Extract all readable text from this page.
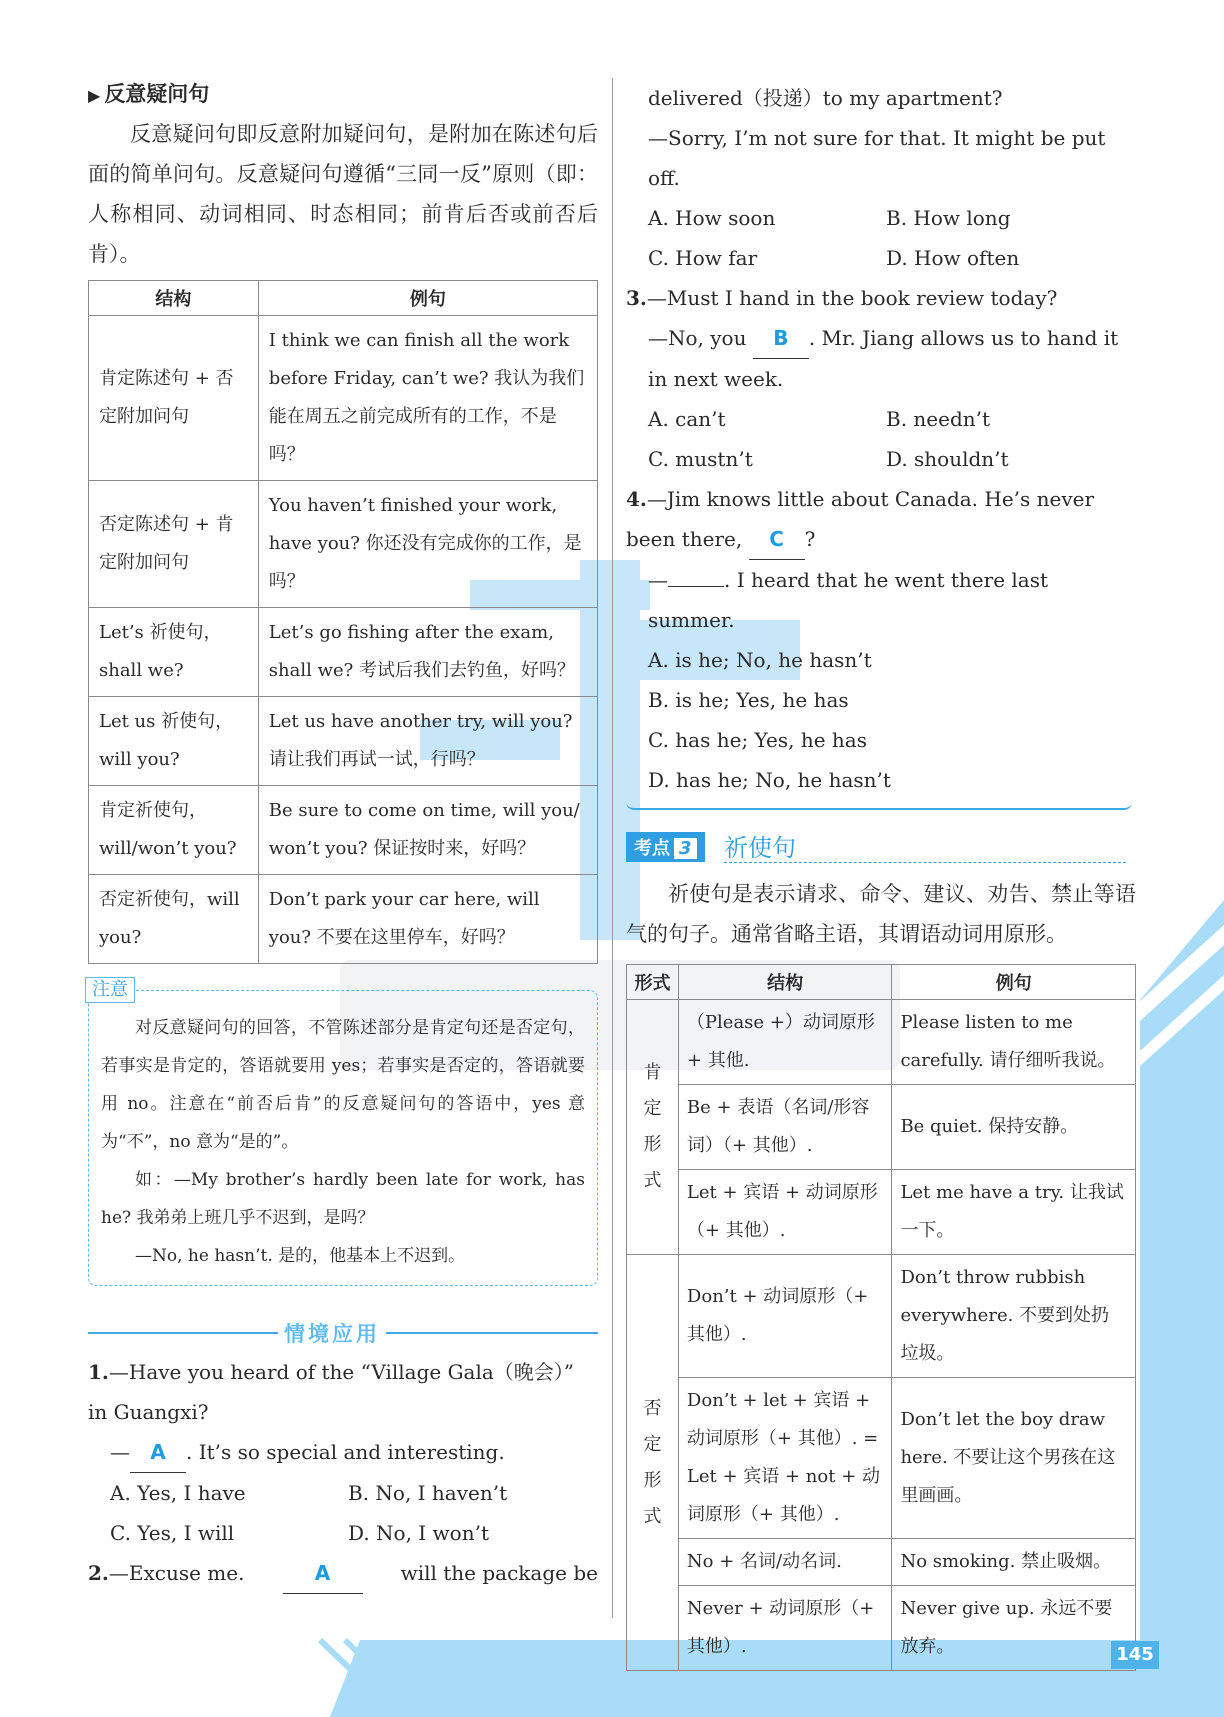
▶ 反意疑问句

反意疑问句即反意附加疑问句，是附加在陈述句后面的简单问句。反意疑问句遵循“三同一反”原则（即：人称相同、动词相同、时态相同；前肯后否或前否后肯）。

结构	例句
肯定陈述句 + 否定附加问句	I think we can finish all the work before Friday, can’t we? 我认为我们能在周五之前完成所有的工作，不是吗？
否定陈述句 + 肯定附加问句	You haven’t finished your work, have you? 你还没有完成你的工作，是吗？
Let’s 祈使句，shall we?	Let’s go fishing after the exam, shall we? 考试后我们去钓鱼，好吗？
Let us 祈使句，will you?	Let us have another try, will you? 请让我们再试一试，行吗？
肯定祈使句，will/won’t you?	Be sure to come on time, will you/ won’t you? 保证按时来，好吗？
否定祈使句，will you?	Don’t park your car here, will you? 不要在这里停车，好吗？
注意

对反意疑问句的回答，不管陈述部分是肯定句还是否定句，若事实是肯定的，答语就要用 yes；若事实是否定的，答语就要用 no。注意在“前否后肯”的反意疑问句的答语中，yes 意为“不”，no 意为“是的”。

如：—My brother’s hardly been late for work, has he? 我弟弟上班几乎不迟到，是吗？

—No, he hasn’t. 是的，他基本上不迟到。

情境应用
1.—Have you heard of the “Village Gala（晚会）” in Guangxi?
— A . It’s so special and interesting.
A. Yes, I have	B. No, I haven’t
C. Yes, I will	D. No, I won’t
2.—Excuse me.	A	will the package be
delivered（投递）to my apartment?
—Sorry, I’m not sure for that. It might be put off.
A. How soon	B. How long
C. How far	D. How often
3.—Must I hand in the book review today?
—No, you B . Mr. Jiang allows us to hand it in next week.
A. can’t	B. needn’t
C. mustn’t	D. shouldn’t
4.—Jim knows little about Canada. He’s never been there, C ?
—	. I heard that he went there last summer.
A. is he; No, he hasn’t
B. is he; Yes, he has
C. has he; Yes, he has
D. has he; No, he hasn’t
考点 3	祈使句

祈使句是表示请求、命令、建议、劝告、禁止等语气的句子。通常省略主语，其谓语动词用原形。

形式	结构	例句
肯定形式	（Please +）动词原形 + 其他.	Please listen to me carefully. 请仔细听我说。
	Be + 表语（名词/形容词）（+ 其他）.	Be quiet. 保持安静。
	Let + 宾语 + 动词原形（+ 其他）.	Let me have a try. 让我试一下。
否定形式	Don’t + 动词原形（+ 其他）.	Don’t throw rubbish everywhere. 不要到处扔垃圾。
	Don’t + let + 宾语 + 动词原形（+ 其他）. = Let + 宾语 + not + 动词原形（+ 其他）.	Don’t let the boy draw here. 不要让这个男孩在这里画画。
	No + 名词/动名词.	No smoking. 禁止吸烟。
	Never + 动词原形（+ 其他）.	Never give up. 永远不要放弃。	145
